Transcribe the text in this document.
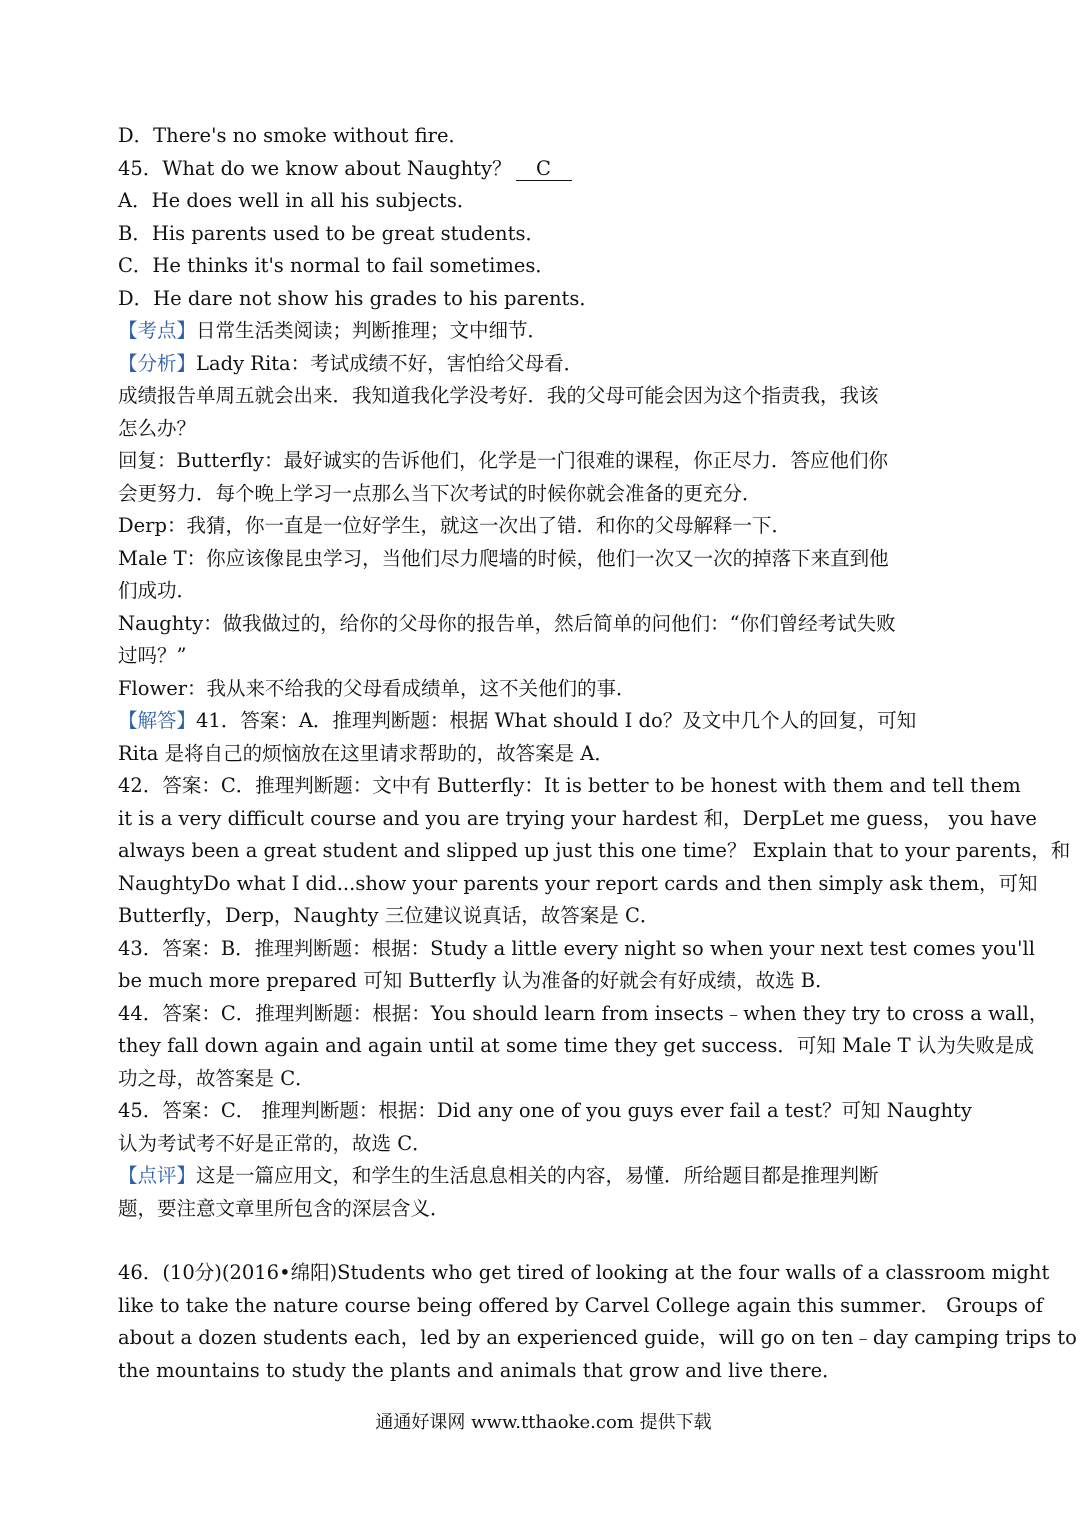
D．There's no smoke without fire．
45．What do we know about Naughty？ C
A．He does well in all his subjects．
B．His parents used to be great students．
C．He thinks it's normal to fail sometimes．
D．He dare not show his grades to his parents．
【考点】日常生活类阅读；判断推理；文中细节．
【分析】Lady Rita：考试成绩不好，害怕给父母看．
成绩报告单周五就会出来．我知道我化学没考好．我的父母可能会因为这个指责我，我该
怎么办？
回复：Butterfly：最好诚实的告诉他们，化学是一门很难的课程，你正尽力．答应他们你
会更努力．每个晚上学习一点那么当下次考试的时候你就会准备的更充分．
Derp：我猜，你一直是一位好学生，就这一次出了错．和你的父母解释一下．
Male T：你应该像昆虫学习，当他们尽力爬墙的时候，他们一次又一次的掉落下来直到他
们成功．
Naughty：做我做过的，给你的父母你的报告单，然后简单的问他们：“你们曾经考试失败
过吗？”
Flower：我从来不给我的父母看成绩单，这不关他们的事．
【解答】41．答案：A．推理判断题：根据 What should I do？及文中几个人的回复，可知
Rita 是将自己的烦恼放在这里请求帮助的，故答案是 A．
42．答案：C．推理判断题：文中有 Butterfly：It is better to be honest with them and tell them
it is a very difficult course and you are trying your hardest 和，DerpLet me guess， you have
always been a great student and slipped up just this one time？ Explain that to your parents，和
NaughtyDo what I did...show your parents your report cards and then simply ask them，可知
Butterfly，Derp，Naughty 三位建议说真话，故答案是 C．
43．答案：B．推理判断题：根据：Study a little every night so when your next test comes you'll
be much more prepared 可知 Butterfly 认为准备的好就会有好成绩，故选 B．
44．答案：C．推理判断题：根据：You should learn from insects﹣when they try to cross a wall，
they fall down again and again until at some time they get success．可知 Male T 认为失败是成
功之母，故答案是 C．
45．答案：C． 推理判断题：根据：Did any one of you guys ever fail a test？可知 Naughty
认为考试考不好是正常的，故选 C．
【点评】这是一篇应用文，和学生的生活息息相关的内容，易懂．所给题目都是推理判断
题，要注意文章里所包含的深层含义．
46．(10分)(2016•绵阳)Students who get tired of looking at the four walls of a classroom might
like to take the nature course being offered by Carvel College again this summer． Groups of
about a dozen students each，led by an experienced guide，will go on ten﹣day camping trips to
the mountains to study the plants and animals that grow and live there．
通通好课网 www.tthaoke.com 提供下载
